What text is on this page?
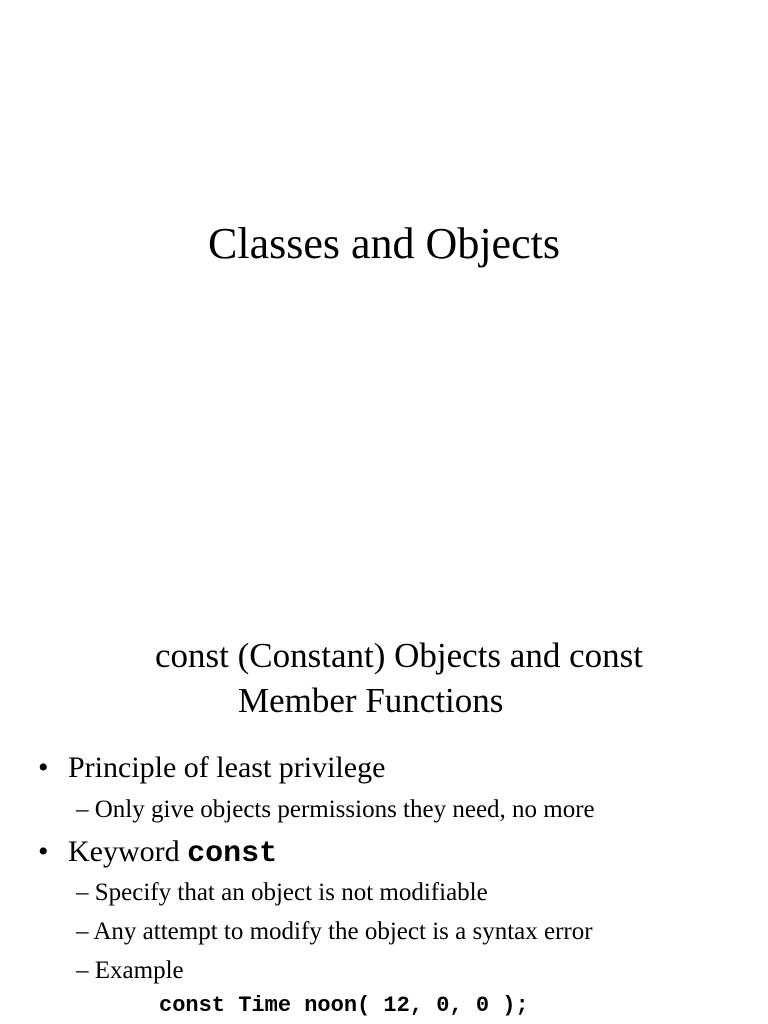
Classes and Objects
const (Constant) Objects and const
Member Functions
• Principle of least privilege
– Only give objects permissions they need, no more
• Keyword const
– Specify that an object is not modifiable
– Any attempt to modify the object is a syntax error
– Example
const Time noon( 12, 0, 0 );
